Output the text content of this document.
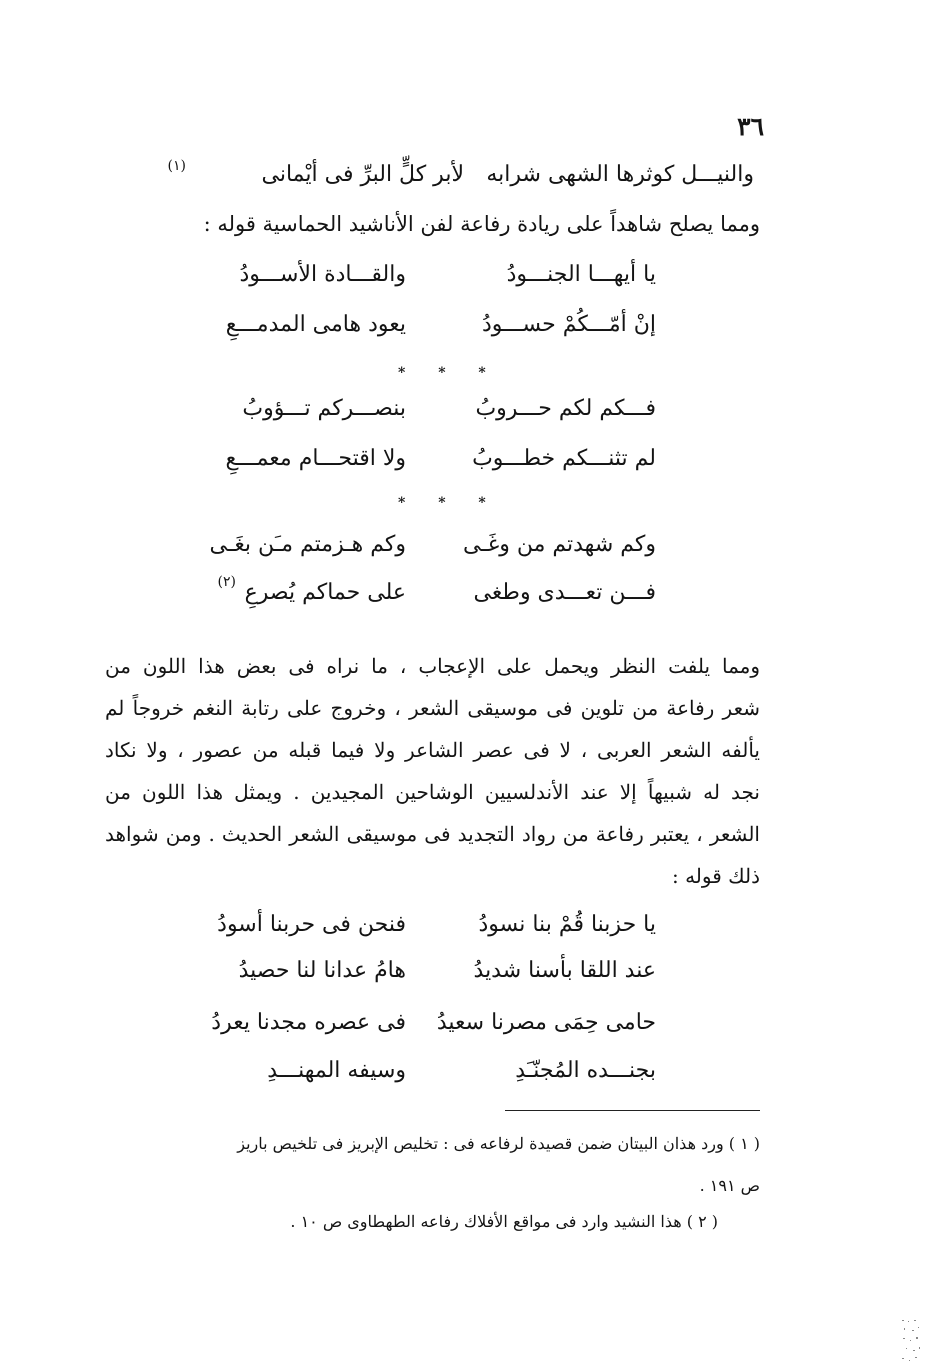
٣٦
والنيـــل كوثرها الشهى شرابه
لأبر كلٍّ البرِّ فى أيْمانى
(١)
ومما يصلح شاهداً على ريادة رفاعة لفن الأناشيد الحماسية قوله :
يا أيهـــا الجنـــودُ
والقـــادة الأســـودُ
إنْ أمّـــكُمْ حســـودُ
يعود هامى المدمـــعِ
* * *
فـــكم لكم حـــروبُ
بنصـــركم تـــؤوبُ
لم تثنـــكم خطـــوبُ
ولا اقتحـــام معمـــعِ
* * *
وكم شهدتم من وغَـى
وكم هـزمتم مـَن بغَـى
فـــن تعـــدى وطغى
على حماكم يُصرعِ
(٢)
ومما يلفت النظر ويحمل على الإعجاب ، ما نراه فى بعض هذا اللون من
شعر رفاعة من تلوين فى موسيقى الشعر ، وخروج على رتابة النغم خروجاً لم
يألفه الشعر العربى ، لا فى عصر الشاعر ولا فيما قبله من عصور ، ولا نكاد
نجد له شبيهاً إلا عند الأندلسيين الوشاحين المجيدين . ويمثل هذا اللون من
الشعر ، يعتبر رفاعة من رواد التجديد فى موسيقى الشعر الحديث . ومن شواهد
ذلك قوله :
يا حزبنا قُمْ بنا نسودُ
فنحن فى حربنا أسودُ
عند اللقا بأسنا شديدُ
هامُ عدانا لنا حصيدُ
حامى حِمَى مصرنا سعيدُ
فى عصره مجدنا يعردُ
بجنـــده المُجنّـَدِ
وسيفه المهنـــدِ
( ١ ) ورد هذان البيتان ضمن قصيدة لرفاعه فى : تخليص الإبريز فى تلخيص باريز
ص ١٩١ .
( ٢ ) هذا النشيد وارد فى مواقع الأفلاك رفاعه الطهطاوى ص ١٠ .
